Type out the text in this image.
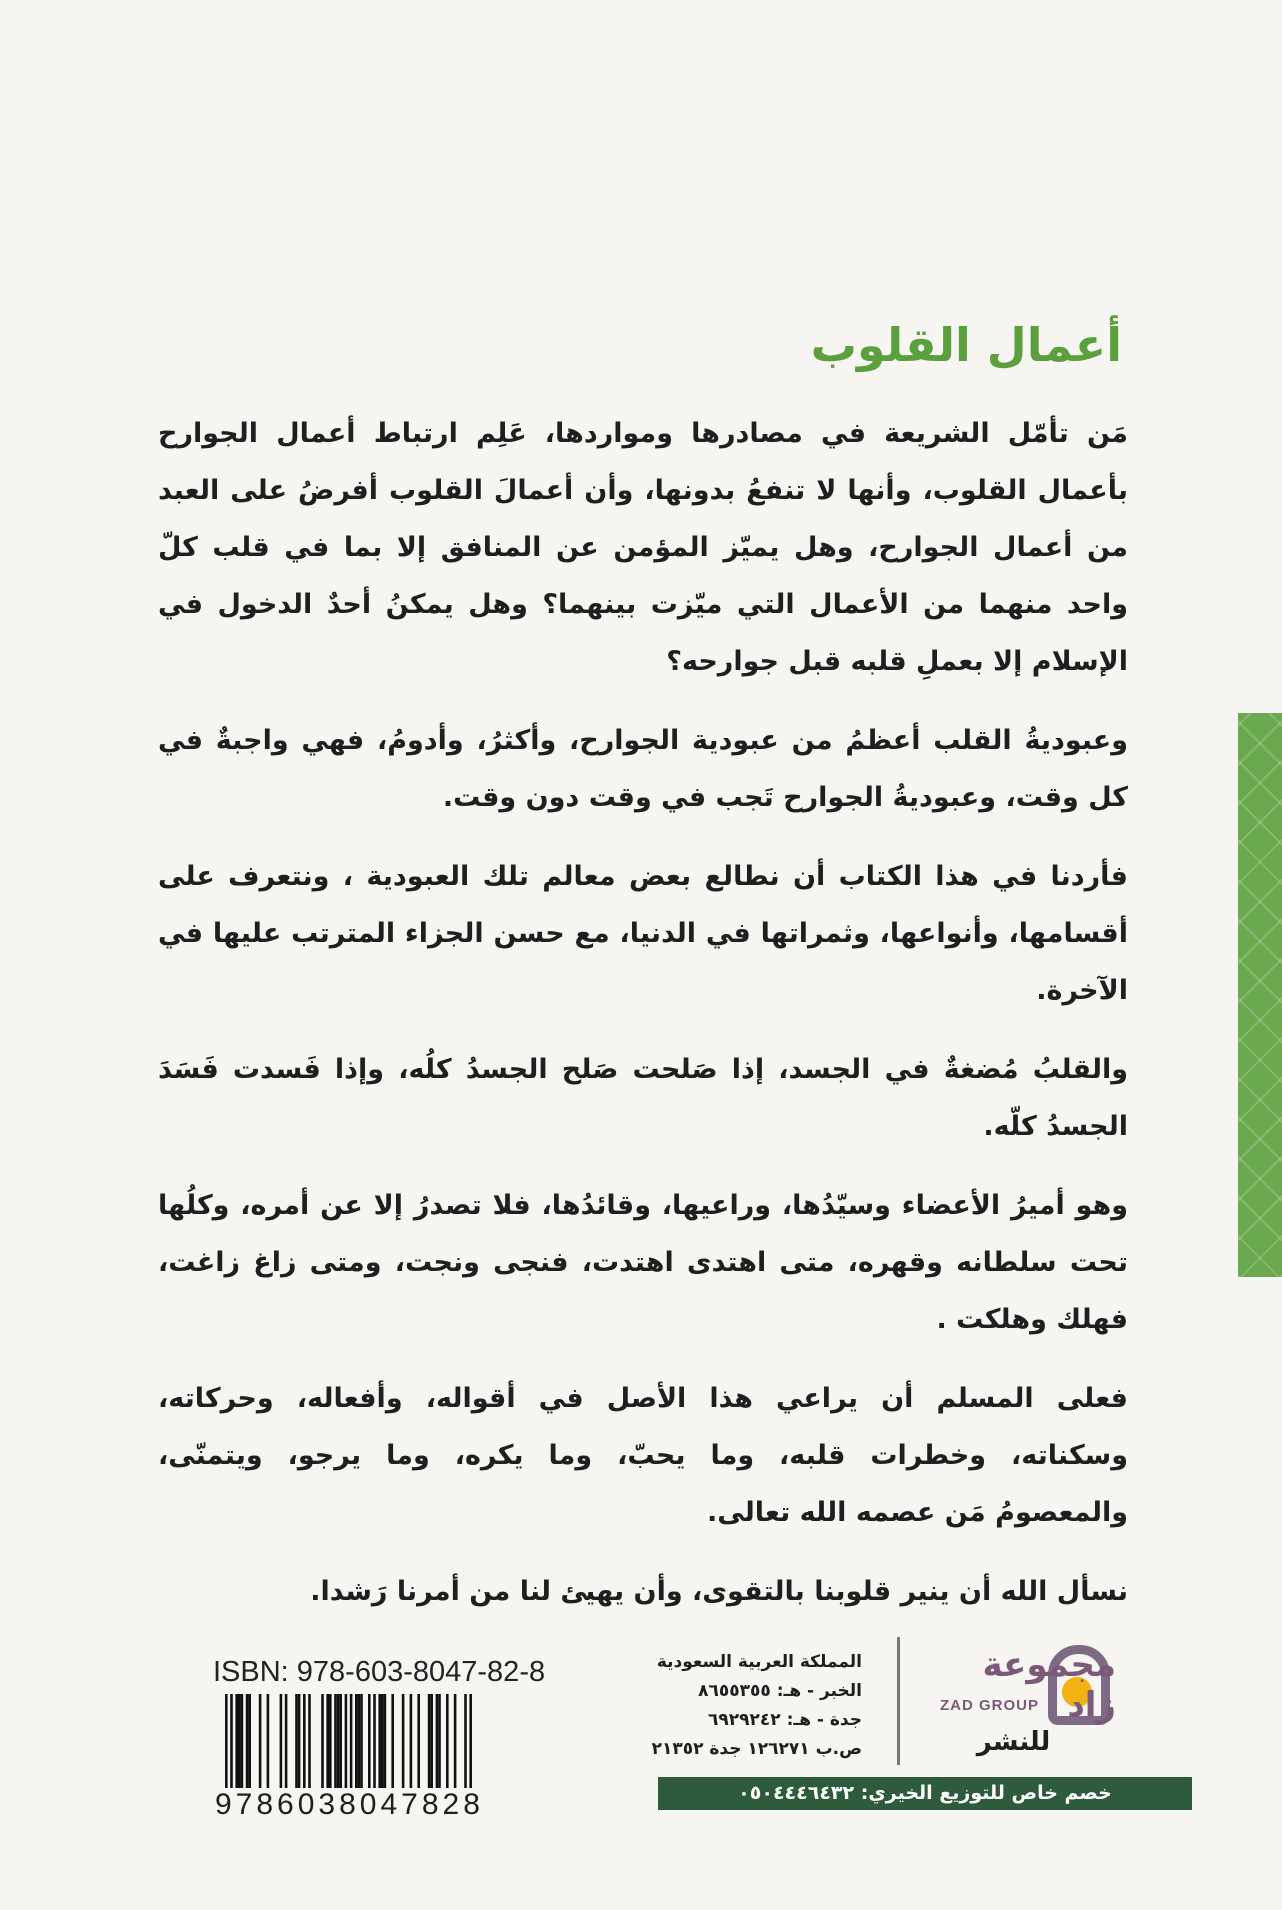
أعمال القلوب

مَن تأمّل الشريعة في مصادرها ومواردها، عَلِم ارتباط أعمال الجوارح بأعمال القلوب، وأنها لا تنفعُ بدونها، وأن أعمالَ القلوب أفرضُ على العبد من أعمال الجوارح، وهل يميّز المؤمن عن المنافق إلا بما في قلب كلّ واحد منهما من الأعمال التي ميّزت بينهما؟ وهل يمكنُ أحدٌ الدخول في الإسلام إلا بعملِ قلبه قبل جوارحه؟

وعبوديةُ القلب أعظمُ من عبودية الجوارح، وأكثرُ، وأدومُ، فهي واجبةٌ في كل وقت، وعبوديةُ الجوارح تَجب في وقت دون وقت.

فأردنا في هذا الكتاب أن نطالع بعض معالم تلك العبودية ، ونتعرف على أقسامها، وأنواعها، وثمراتها في الدنيا، مع حسن الجزاء المترتب عليها في الآخرة.

والقلبُ مُضغةٌ في الجسد، إذا صَلحت صَلح الجسدُ كلُه، وإذا فَسدت فَسَدَ الجسدُ كلّه.

وهو أميرُ الأعضاء وسيّدُها، وراعيها، وقائدُها، فلا تصدرُ إلا عن أمره، وكلُها تحت سلطانه وقهره، متى اهتدى اهتدت، فنجى ونجت، ومتى زاغ زاغت، فهلك وهلكت .

فعلى المسلم أن يراعي هذا الأصل في أقواله، وأفعاله، وحركاته، وسكناته، وخطرات قلبه، وما يحبّ، وما يكره، وما يرجو، ويتمنّى، والمعصومُ مَن عصمه الله تعالى.

نسأل الله أن ينير قلوبنا بالتقوى، وأن يهيئ لنا من أمرنا رَشدا.

ISBN: 978-603-8047-82-8
9786038047828
المملكة العربية السعودية
الخبر - هـ: ٨٦٥٥٣٥٥
جدة - هـ: ٦٩٢٩٢٤٢
ص.ب ١٢٦٢٧١ جدة ٢١٣٥٢
مجموعة زاد
ZAD GROUP
للنشر
خصم خاص للتوزيع الخيري: ٠٥٠٤٤٤٦٤٣٢
